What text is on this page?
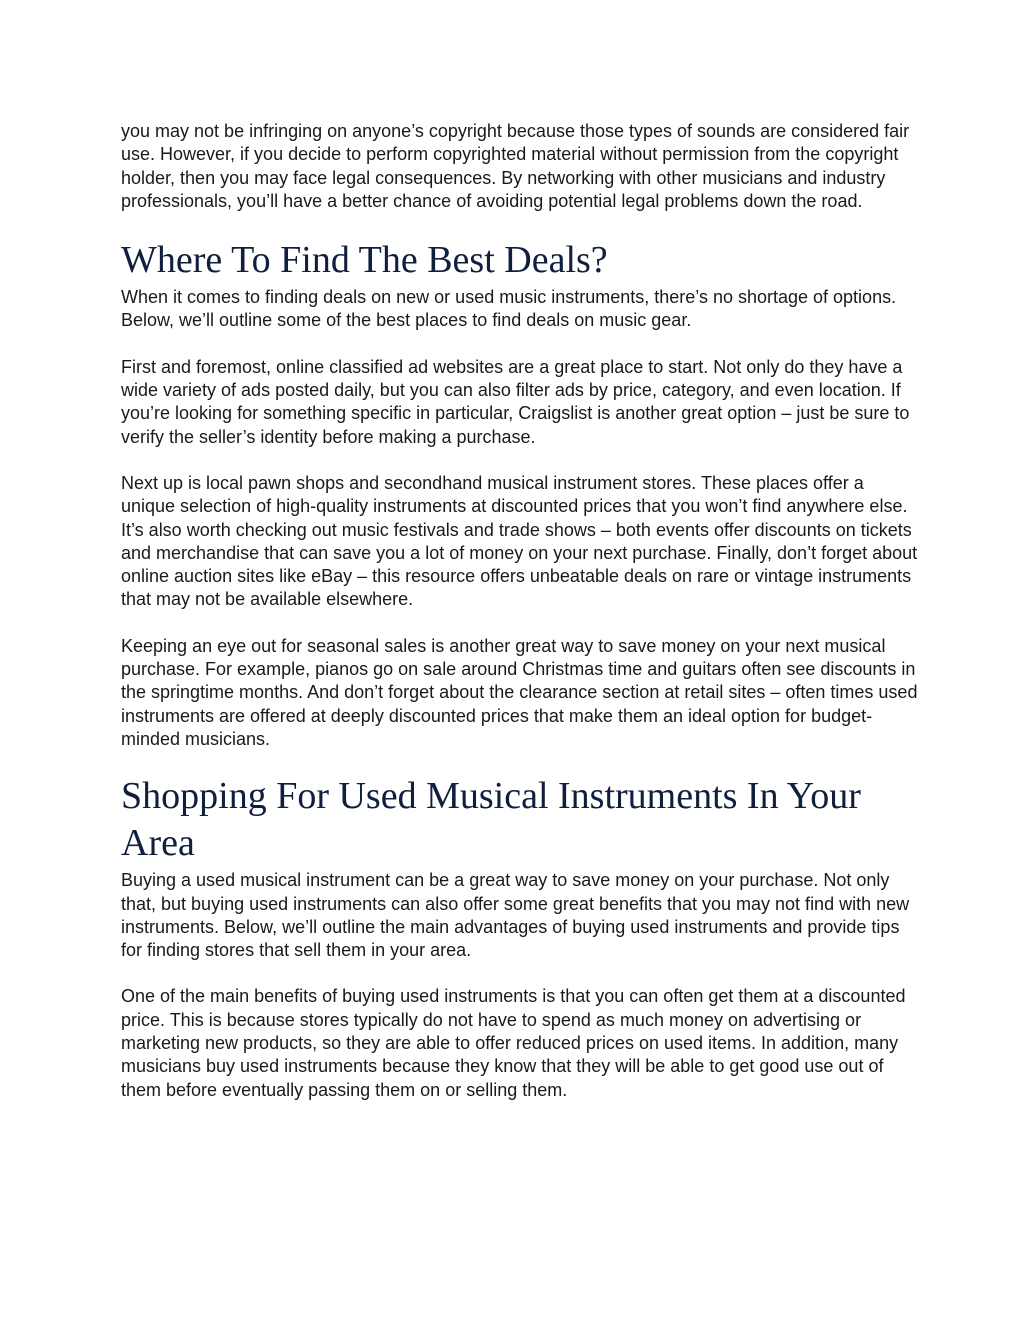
you may not be infringing on anyone’s copyright because those types of sounds are considered fair use. However, if you decide to perform copyrighted material without permission from the copyright holder, then you may face legal consequences. By networking with other musicians and industry professionals, you’ll have a better chance of avoiding potential legal problems down the road.

Where To Find The Best Deals?

When it comes to finding deals on new or used music instruments, there’s no shortage of options. Below, we’ll outline some of the best places to find deals on music gear.

First and foremost, online classified ad websites are a great place to start. Not only do they have a wide variety of ads posted daily, but you can also filter ads by price, category, and even location. If you’re looking for something specific in particular, Craigslist is another great option – just be sure to verify the seller’s identity before making a purchase.

Next up is local pawn shops and secondhand musical instrument stores. These places offer a unique selection of high-quality instruments at discounted prices that you won’t find anywhere else. It’s also worth checking out music festivals and trade shows – both events offer discounts on tickets and merchandise that can save you a lot of money on your next purchase. Finally, don’t forget about online auction sites like eBay – this resource offers unbeatable deals on rare or vintage instruments that may not be available elsewhere.

Keeping an eye out for seasonal sales is another great way to save money on your next musical purchase. For example, pianos go on sale around Christmas time and guitars often see discounts in the springtime months. And don’t forget about the clearance section at retail sites – often times used instruments are offered at deeply discounted prices that make them an ideal option for budget-minded musicians.

Shopping For Used Musical Instruments In Your Area

Buying a used musical instrument can be a great way to save money on your purchase. Not only that, but buying used instruments can also offer some great benefits that you may not find with new instruments. Below, we’ll outline the main advantages of buying used instruments and provide tips for finding stores that sell them in your area.

One of the main benefits of buying used instruments is that you can often get them at a discounted price. This is because stores typically do not have to spend as much money on advertising or marketing new products, so they are able to offer reduced prices on used items. In addition, many musicians buy used instruments because they know that they will be able to get good use out of them before eventually passing them on or selling them.
